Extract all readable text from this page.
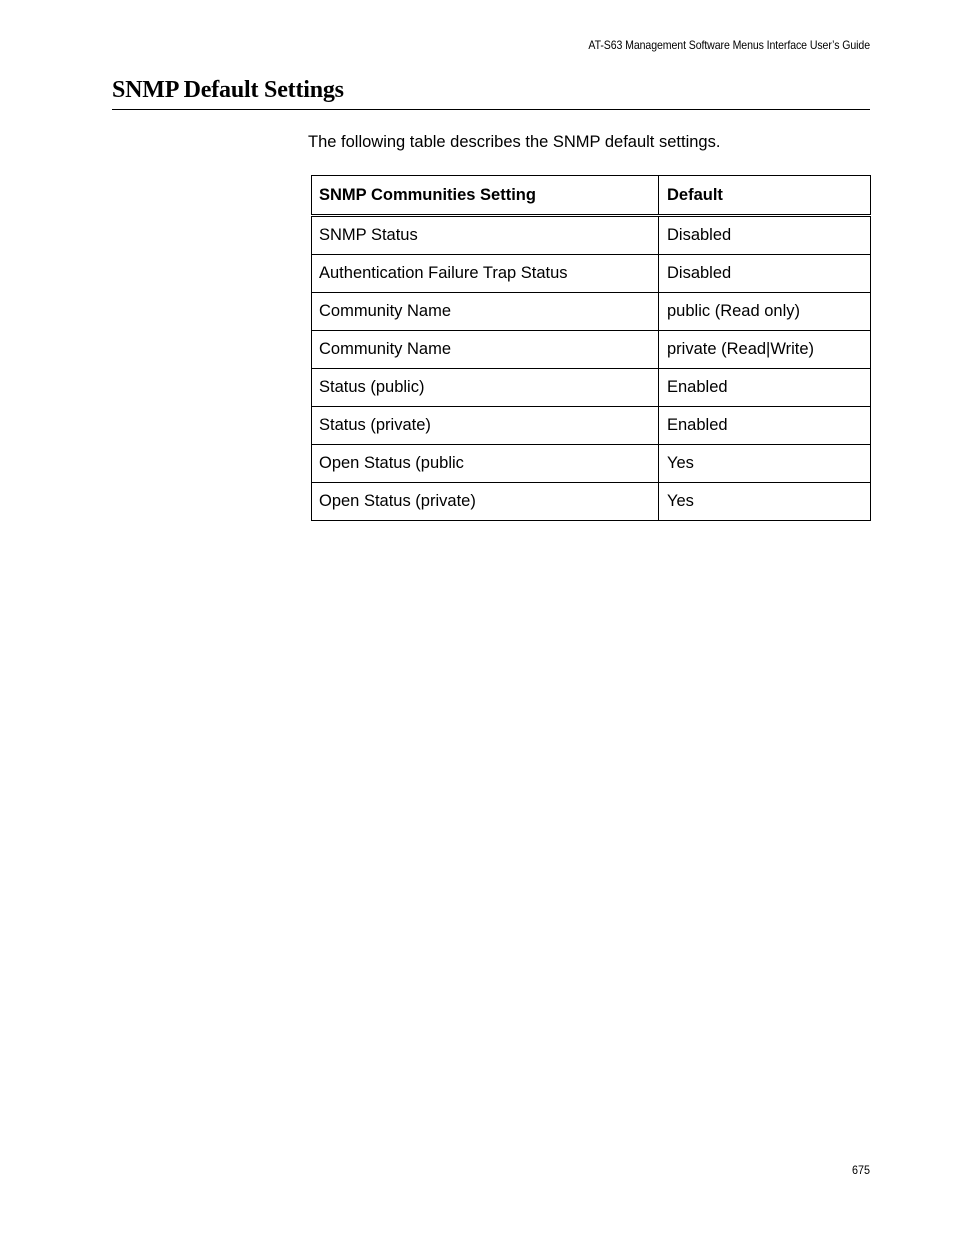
AT-S63 Management Software Menus Interface User’s Guide
SNMP Default Settings

The following table describes the SNMP default settings.

SNMP Communities Setting	Default
SNMP Status	Disabled
Authentication Failure Trap Status	Disabled
Community Name	public (Read only)
Community Name	private (Read|Write)
Status (public)	Enabled
Status (private)	Enabled
Open Status (public	Yes
Open Status (private)	Yes
675
